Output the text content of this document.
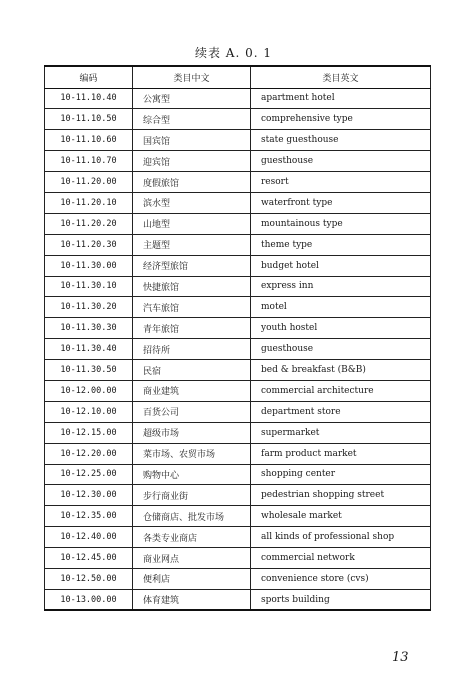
续表 A. 0. 1
编码	类目中文	类目英文
10-11.10.40	公寓型	apartment hotel
10-11.10.50	综合型	comprehensive type
10-11.10.60	国宾馆	state guesthouse
10-11.10.70	迎宾馆	guesthouse
10-11.20.00	度假旅馆	resort
10-11.20.10	滨水型	waterfront type
10-11.20.20	山地型	mountainous type
10-11.20.30	主题型	theme type
10-11.30.00	经济型旅馆	budget hotel
10-11.30.10	快捷旅馆	express inn
10-11.30.20	汽车旅馆	motel
10-11.30.30	青年旅馆	youth hostel
10-11.30.40	招待所	guesthouse
10-11.30.50	民宿	bed & breakfast (B&B)
10-12.00.00	商业建筑	commercial architecture
10-12.10.00	百货公司	department store
10-12.15.00	超级市场	supermarket
10-12.20.00	菜市场、农贸市场	farm product market
10-12.25.00	购物中心	shopping center
10-12.30.00	步行商业街	pedestrian shopping street
10-12.35.00	仓储商店、批发市场	wholesale market
10-12.40.00	各类专业商店	all kinds of professional shop
10-12.45.00	商业网点	commercial network
10-12.50.00	便利店	convenience store (cvs)
10-13.00.00	体育建筑	sports building
13
